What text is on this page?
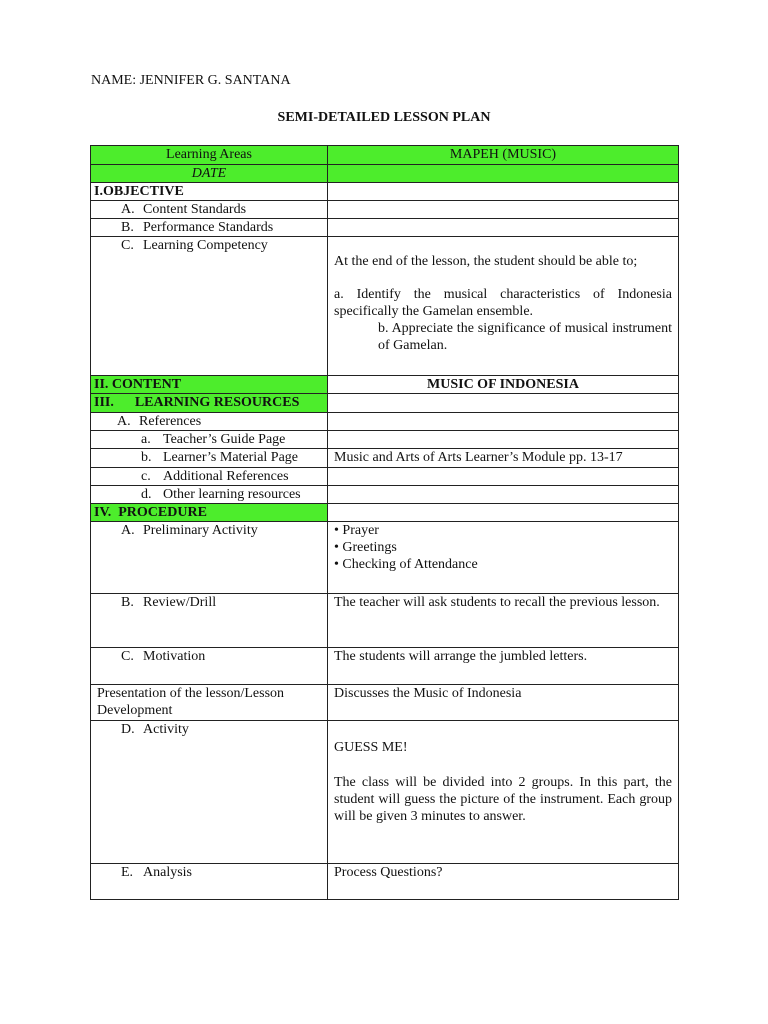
NAME: JENNIFER G. SANTANA
SEMI-DETAILED LESSON PLAN
Learning Areas	MAPEH (MUSIC)
DATE	
I.OBJECTIVE	
A. Content Standards	
B. Performance Standards	
C. Learning Competency	At the end of the lesson, the student should be able to;

a. Identify the musical characteristics of Indonesia specifically the Gamelan ensemble.

b. Appreciate the significance of musical instrument of Gamelan.

II. CONTENT	MUSIC OF INDONESIA
III.      LEARNING RESOURCES	
A. References	
a. Teacher’s Guide Page	
b. Learner’s Material Page	Music and Arts of Arts Learner’s Module pp. 13-17
c. Additional References	
d. Other learning resources	
IV.  PROCEDURE	
A. Preliminary Activity	• Prayer

• Greetings

• Checking of Attendance

B. Review/Drill	The teacher will ask students to recall the previous lesson.
C. Motivation	The students will arrange the jumbled letters.
Presentation of the lesson/Lesson Development	Discusses the Music of Indonesia
D. Activity	GUESS ME!

The class will be divided into 2 groups. In this part, the student will guess the picture of the instrument. Each group will be given 3 minutes to answer.

E. Analysis	Process Questions?
